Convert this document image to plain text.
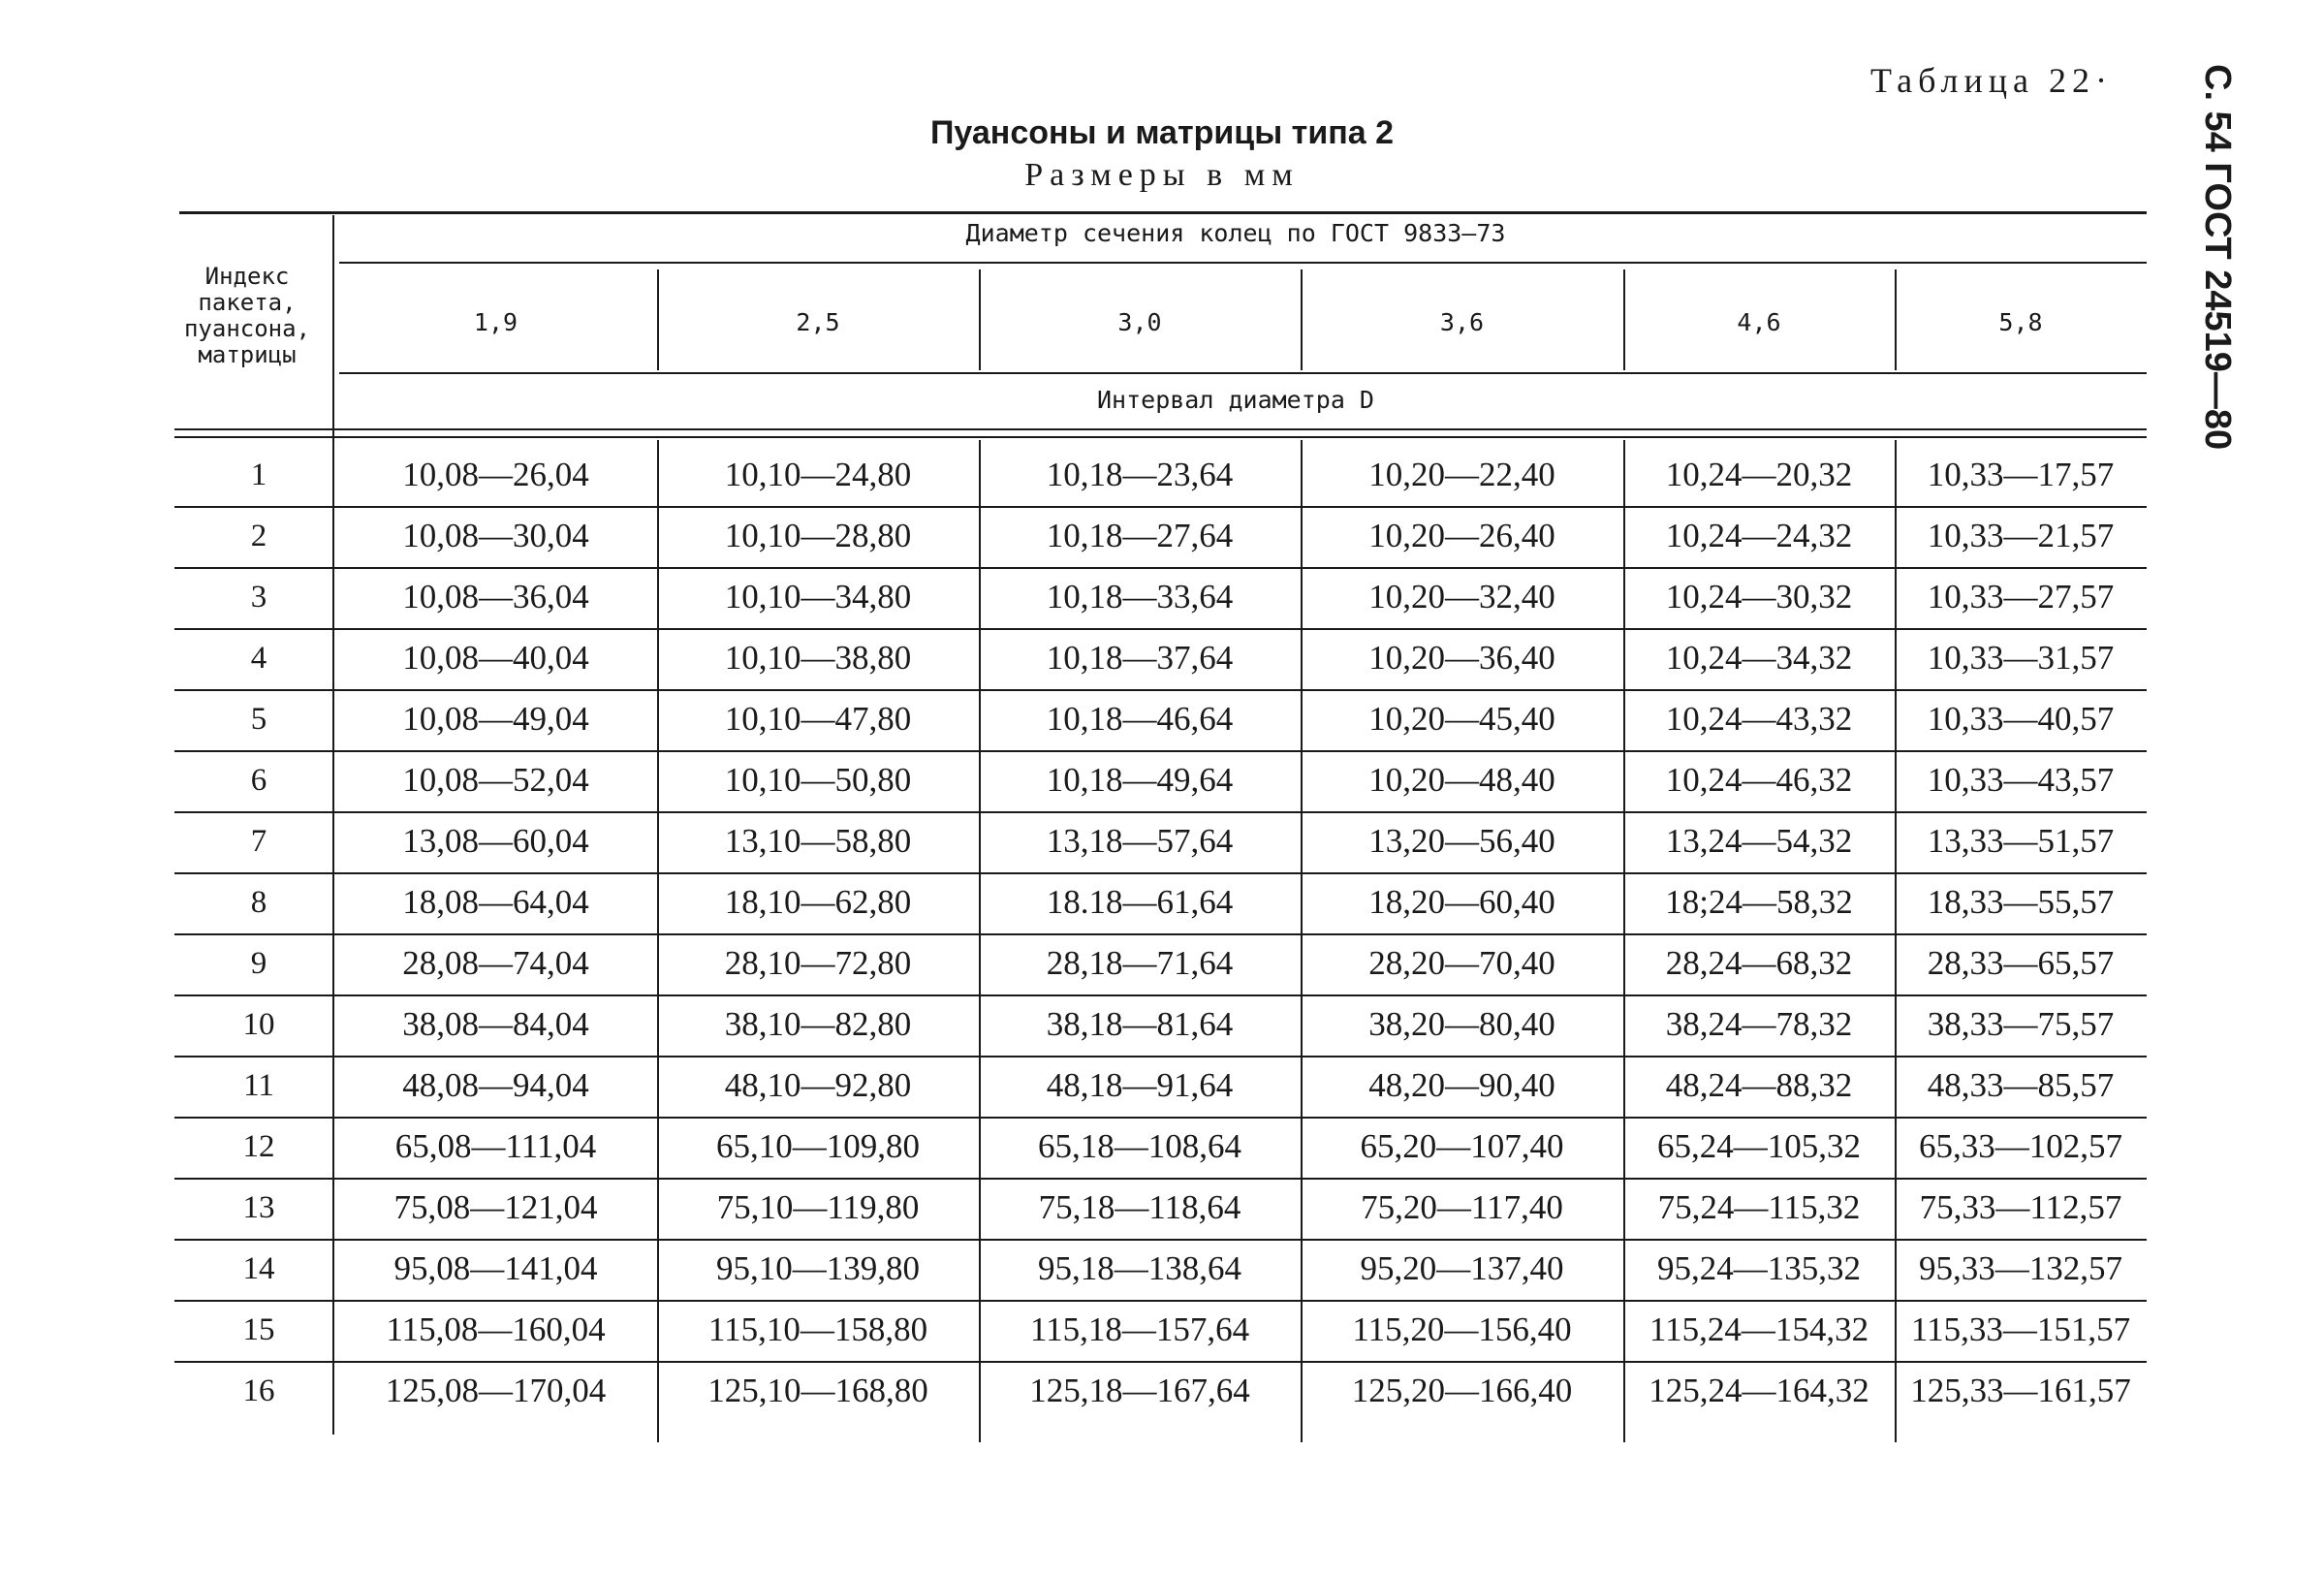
Таблица 22· С. 54 ГОСТ 24519—80
Пуансоны и матрицы типа 2
Размеры в мм
Индекс
пакета,
пуансона,
матрицы
Диаметр сечения колец по ГОСТ 9833—73
Интервал диаметра D
1,9	2,5	3,0	3,6	4,6	5,8
1	10,08—26,04	10,10—24,80	10,18—23,64	10,20—22,40	10,24—20,32	10,33—17,57
2	10,08—30,04	10,10—28,80	10,18—27,64	10,20—26,40	10,24—24,32	10,33—21,57
3	10,08—36,04	10,10—34,80	10,18—33,64	10,20—32,40	10,24—30,32	10,33—27,57
4	10,08—40,04	10,10—38,80	10,18—37,64	10,20—36,40	10,24—34,32	10,33—31,57
5	10,08—49,04	10,10—47,80	10,18—46,64	10,20—45,40	10,24—43,32	10,33—40,57
6	10,08—52,04	10,10—50,80	10,18—49,64	10,20—48,40	10,24—46,32	10,33—43,57
7	13,08—60,04	13,10—58,80	13,18—57,64	13,20—56,40	13,24—54,32	13,33—51,57
8	18,08—64,04	18,10—62,80	18.18—61,64	18,20—60,40	18;24—58,32	18,33—55,57
9	28,08—74,04	28,10—72,80	28,18—71,64	28,20—70,40	28,24—68,32	28,33—65,57
10	38,08—84,04	38,10—82,80	38,18—81,64	38,20—80,40	38,24—78,32	38,33—75,57
11	48,08—94,04	48,10—92,80	48,18—91,64	48,20—90,40	48,24—88,32	48,33—85,57
12	65,08—111,04	65,10—109,80	65,18—108,64	65,20—107,40	65,24—105,32	65,33—102,57
13	75,08—121,04	75,10—119,80	75,18—118,64	75,20—117,40	75,24—115,32	75,33—112,57
14	95,08—141,04	95,10—139,80	95,18—138,64	95,20—137,40	95,24—135,32	95,33—132,57
15	115,08—160,04	115,10—158,80	115,18—157,64	115,20—156,40	115,24—154,32	115,33—151,57
16	125,08—170,04	125,10—168,80	125,18—167,64	125,20—166,40	125,24—164,32	125,33—161,57
